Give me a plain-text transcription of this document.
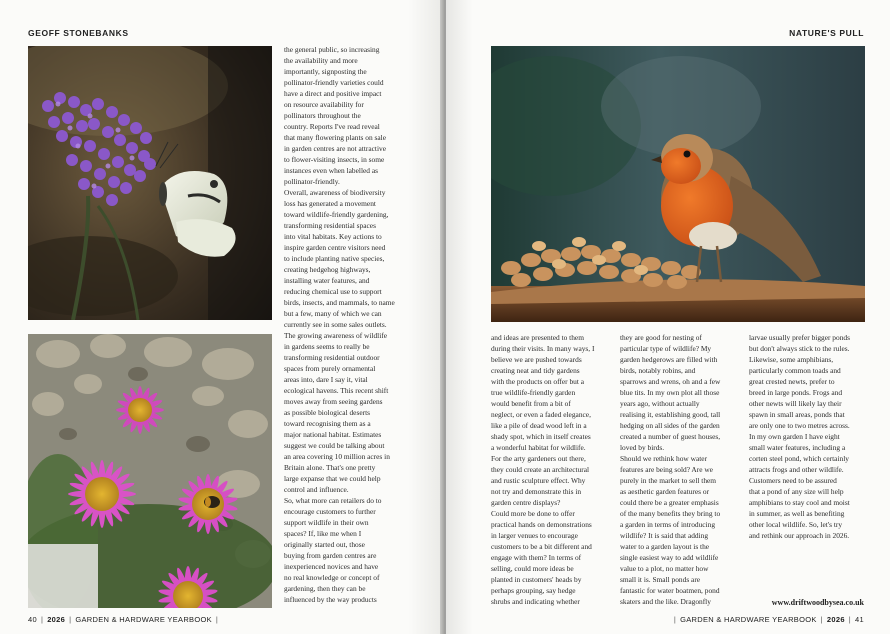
GEOFF STONEBANKS
the general public, so increasing
the availability and more
importantly, signposting the
pollinator-friendly varieties could
have a direct and positive impact
on resource availability for
pollinators throughout the
country. Reports I've read reveal
that many flowering plants on sale
in garden centres are not attractive
to flower-visiting insects, in some
instances even when labelled as
pollinator-friendly.
Overall, awareness of biodiversity
loss has generated a movement
toward wildlife-friendly gardening,
transforming residential spaces
into vital habitats. Key actions to
inspire garden centre visitors need
to include planting native species,
creating hedgehog highways,
installing water features, and
reducing chemical use to support
birds, insects, and mammals, to name
but a few, many of which we can
currently see in some sales outlets.
The growing awareness of wildlife
in gardens seems to really be
transforming residential outdoor
spaces from purely ornamental
areas into, dare I say it, vital
ecological havens. This recent shift
moves away from seeing gardens
as possible biological deserts
toward recognising them as a
major national habitat. Estimates
suggest we could be talking about
an area covering 10 million acres in
Britain alone. That's one pretty
large expanse that we could help
control and influence.
So, what more can retailers do to
encourage customers to further
support wildlife in their own
spaces? If, like me when I
originally started out, those
buying from garden centres are
inexperienced novices and have
no real knowledge or concept of
gardening, then they can be
influenced by the way products
40 | 2026 | GARDEN & HARDWARE YEARBOOK |
NATURE'S PULL
and ideas are presented to them
during their visits. In many ways, I
believe we are pushed towards
creating neat and tidy gardens
with the products on offer but a
true wildlife-friendly garden
would benefit from a bit of
neglect, or even a faded elegance,
like a pile of dead wood left in a
shady spot, which in itself creates
a wonderful habitat for wildlife.
For the arty gardeners out there,
they could create an architectural
and rustic sculpture effect. Why
not try and demonstrate this in
garden centre displays?
Could more be done to offer
practical hands on demonstrations
in larger venues to encourage
customers to be a bit different and
engage with them? In terms of
selling, could more ideas be
planted in customers' heads by
perhaps grouping, say hedge
shrubs and indicating whether
they are good for nesting of
particular type of wildlife? My
garden hedgerows are filled with
birds, notably robins, and
sparrows and wrens, oh and a few
blue tits. In my own plot all those
years ago, without actually
realising it, establishing good, tall
hedging on all sides of the garden
created a number of guest houses,
loved by birds.
Should we rethink how water
features are being sold? Are we
purely in the market to sell them
as aesthetic garden features or
could there be a greater emphasis
of the many benefits they bring to
a garden in terms of introducing
wildlife? It is said that adding
water to a garden layout is the
single easiest way to add wildlife
value to a plot, no matter how
small it is. Small ponds are
fantastic for water boatmen, pond
skaters and the like. Dragonfly
larvae usually prefer bigger ponds
but don't always stick to the rules.
Likewise, some amphibians,
particularly common toads and
great crested newts, prefer to
breed in large ponds. Frogs and
other newts will likely lay their
spawn in small areas, ponds that
are only one to two metres across.
In my own garden I have eight
small water features, including a
corten steel pond, which certainly
attracts frogs and other wildlife.
Customers need to be assured
that a pond of any size will help
amphibians to stay cool and moist
in summer, as well as benefiting
other local wildlife. So, let's try
and rethink our approach in 2026.
www.driftwoodbysea.co.uk
| GARDEN & HARDWARE YEARBOOK | 2026 | 41
